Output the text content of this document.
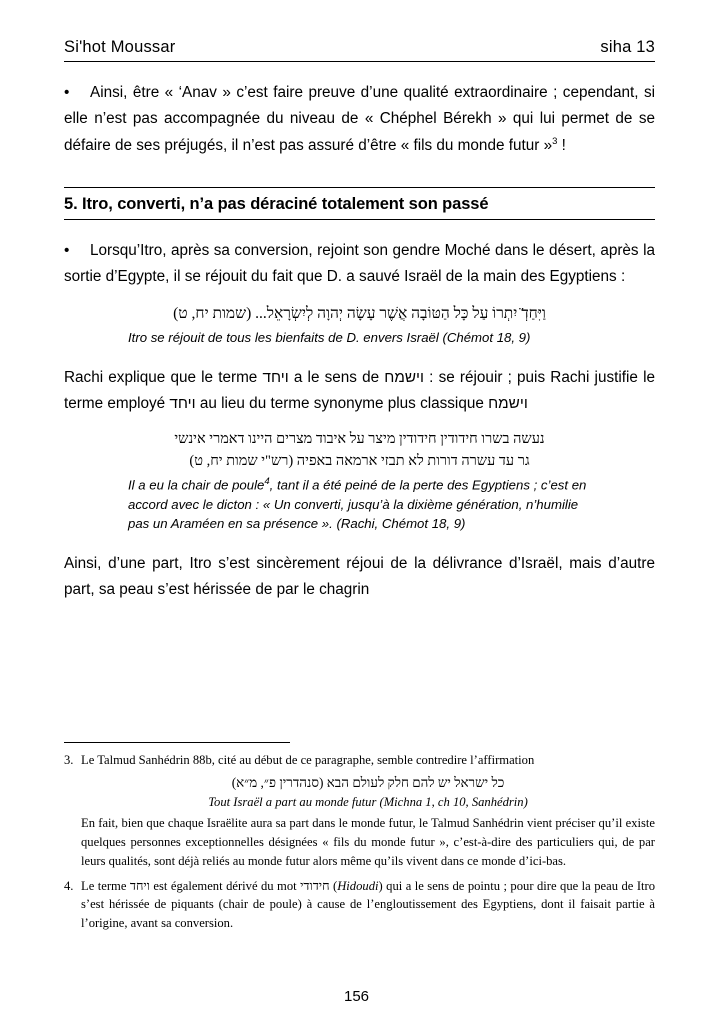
Si'hot Moussar	siha 13
• Ainsi, être « ‘Anav » c’est faire preuve d’une qualité extraordinaire ; cependant, si elle n’est pas accompagnée du niveau de « Chéphel Bérekh » qui lui permet de se défaire de ses préjugés, il n’est pas assuré d’être « fils du monde futur »$^3$ !
5. Itro, converti, n’a pas déraciné totalement son passé
• Lorsqu’Itro, après sa conversion, rejoint son gendre Moché dans le désert, après la sortie d’Egypte, il se réjouit du fait que D. a sauvé Israël de la main des Egyptiens :
וַיִּחַדְ̈ יִתְרוֹ עַל כָּל הַטּוֹבָה אֲשֶׁר עָשָׂה יְהוָה לְיִשְׂרָאֵל... (שמות יח, ט)
Itro se réjouit de tous les bienfaits de D. envers Israël (Chémot 18, 9)
Rachi explique que le terme ויחד a le sens de וישמח : se réjouir ; puis Rachi justifie le terme employé ויחד au lieu du terme synonyme plus classique וישמח
נעשה בשרו חידודין חידודין מיצר על איבוד מצרים היינו דאמרי אינשי
גר עד עשרה דורות לא תבזי ארמאה באפיה (רש"י שמות יח, ט)
Il a eu la chair de poule$^4$, tant il a été peiné de la perte des Egyptiens ; c’est en accord avec le dicton : « Un converti, jusqu’à la dixième génération, n’humilie pas un Araméen en sa présence ». (Rachi, Chémot 18, 9)
Ainsi, d’une part, Itro s’est sincèrement réjoui de la délivrance d’Israël, mais d’autre part, sa peau s’est hérissée de par le chagrin
3. Le Talmud Sanhédrin 88b, cité au début de ce paragraphe, semble contredire l’affirmation

כל ישראל יש להם חלק לעולם הבא (סנהדרין פ״, מ״א)

Tout Israël a part au monde futur (Michna 1, ch 10, Sanhédrin)

En fait, bien que chaque Israëlite aura sa part dans le monde futur, le Talmud Sanhédrin vient préciser qu’il existe quelques personnes exceptionnelles désignées « fils du monde futur », c’est-à-dire des particuliers qui, de par leurs qualités, sont déjà reliés au monde futur alors même qu’ils vivent dans ce monde d’ici-bas.

4. Le terme ויחד est également dérivé du mot חידודי (Hidoudi) qui a le sens de pointu ; pour dire que la peau de Itro s’est hérissée de piquants (chair de poule) à cause de l’engloutissement des Egyptiens, dont il faisait partie à l’origine, avant sa conversion.

156
